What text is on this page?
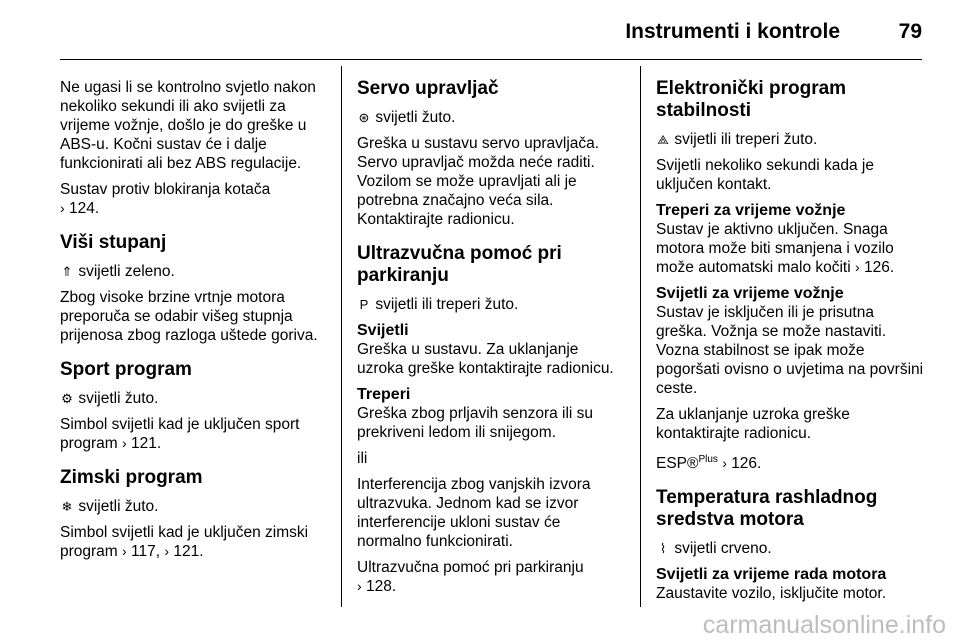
Instrumenti i kontrole	79

Ne ugasi li se kontrolno svjetlo nakon nekoliko sekundi ili ako svijetli za vrijeme vožnje, došlo je do greške u ABS-u. Kočni sustav će i dalje funkcionirati ali bez ABS regulacije.

Sustav protiv blokiranja kotača
› 124.

Viši stupanj

⇑ svijetli zeleno.

Zbog visoke brzine vrtnje motora preporuča se odabir višeg stupnja prijenosa zbog razloga uštede goriva.

Sport program

⚙ svijetli žuto.

Simbol svijetli kad je uključen sport program › 121.

Zimski program

❄ svijetli žuto.

Simbol svijetli kad je uključen zimski program › 117, › 121.

Servo upravljač

⊛ svijetli žuto.

Greška u sustavu servo upravljača. Servo upravljač možda neće raditi. Vozilom se može upravljati ali je potrebna značajno veća sila. Kontaktirajte radionicu.

Ultrazvučna pomoć pri parkiranju

P svijetli ili treperi žuto.

Svijetli

Greška u sustavu. Za uklanjanje uzroka greške kontaktirajte radionicu.

Treperi

Greška zbog prljavih senzora ili su prekriveni ledom ili snijegom.

ili

Interferencija zbog vanjskih izvora ultrazvuka. Jednom kad se izvor interferencije ukloni sustav će normalno funkcionirati.

Ultrazvučna pomoć pri parkiranju
› 128.

Elektronički program stabilnosti

⟁ svijetli ili treperi žuto.

Svijetli nekoliko sekundi kada je uključen kontakt.

Treperi za vrijeme vožnje

Sustav je aktivno uključen. Snaga motora može biti smanjena i vozilo može automatski malo kočiti › 126.

Svijetli za vrijeme vožnje

Sustav je isključen ili je prisutna greška. Vožnja se može nastaviti. Vozna stabilnost se ipak može pogoršati ovisno o uvjetima na površini ceste.

Za uklanjanje uzroka greške kontaktirajte radionicu.

ESP®$^{Plus}$ › 126.

Temperatura rashladnog sredstva motora

⌇ svijetli crveno.

Svijetli za vrijeme rada motora

Zaustavite vozilo, isključite motor.

carmanualsonline.info
